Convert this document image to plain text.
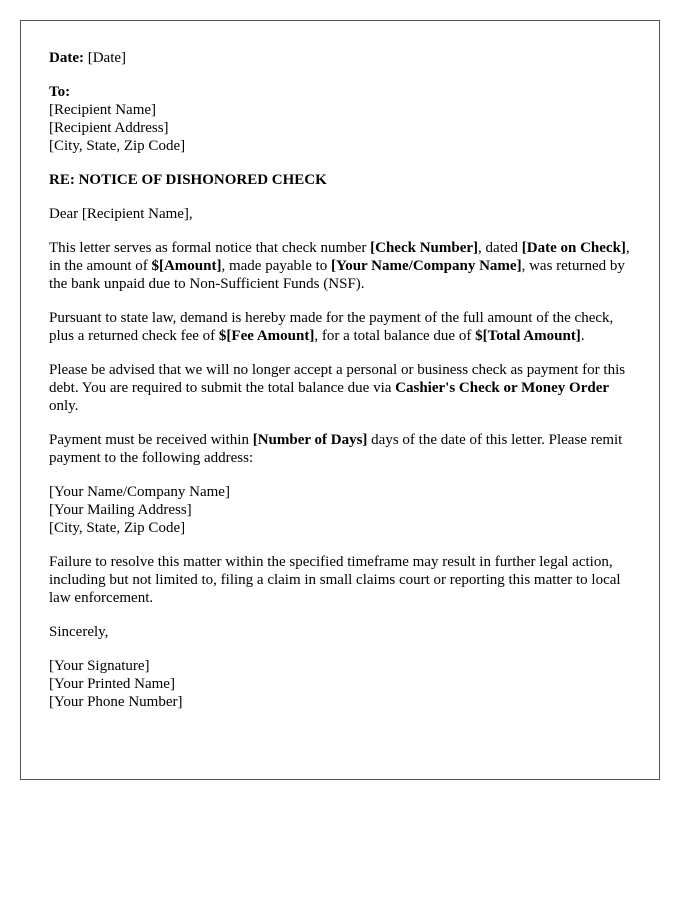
Date: [Date]
To:
[Recipient Name]
[Recipient Address]
[City, State, Zip Code]
RE: NOTICE OF DISHONORED CHECK
Dear [Recipient Name],
This letter serves as formal notice that check number [Check Number], dated [Date on Check], in the amount of $[Amount], made payable to [Your Name/Company Name], was returned by the bank unpaid due to Non-Sufficient Funds (NSF).
Pursuant to state law, demand is hereby made for the payment of the full amount of the check, plus a returned check fee of $[Fee Amount], for a total balance due of $[Total Amount].
Please be advised that we will no longer accept a personal or business check as payment for this debt. You are required to submit the total balance due via Cashier's Check or Money Order only.
Payment must be received within [Number of Days] days of the date of this letter. Please remit payment to the following address:
[Your Name/Company Name]
[Your Mailing Address]
[City, State, Zip Code]
Failure to resolve this matter within the specified timeframe may result in further legal action, including but not limited to, filing a claim in small claims court or reporting this matter to local law enforcement.
Sincerely,
[Your Signature]
[Your Printed Name]
[Your Phone Number]
